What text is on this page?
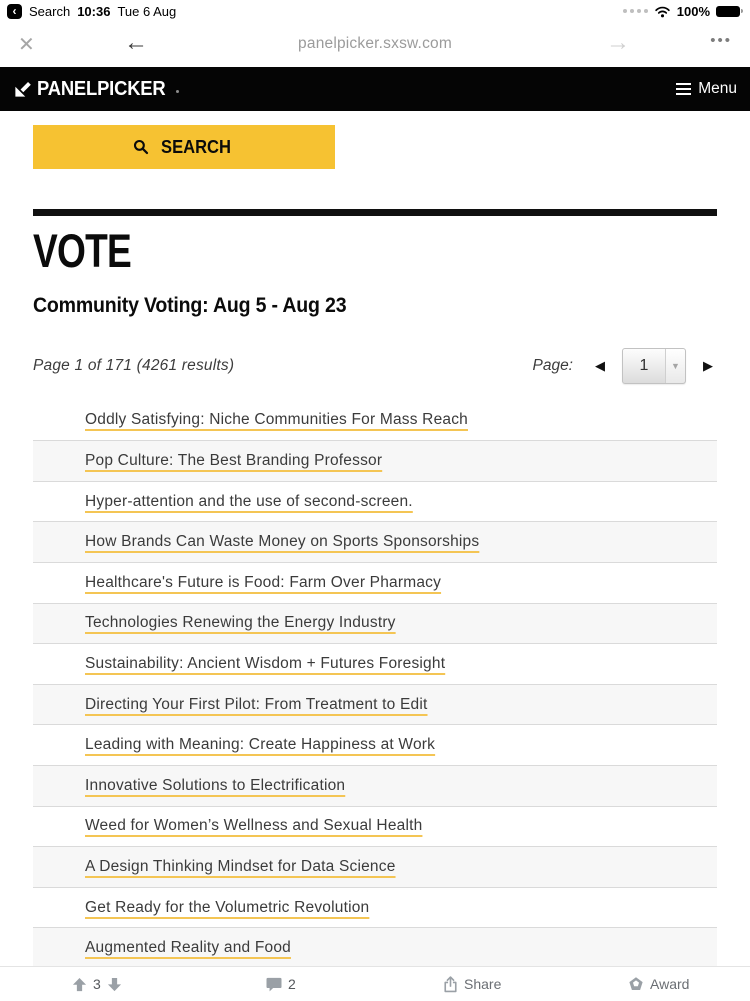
‹ Search 10:36 Tue 6 Aug	100%
✕	←	panelpicker.sxsw.com	→	•••
PANELPICKER	Menu
SEARCH
VOTE
Community Voting: Aug 5 - Aug 23
Page 1 of 171 (4261 results)	Page:	◀	1	▼	▶
Oddly Satisfying: Niche Communities For Mass Reach
Pop Culture: The Best Branding Professor
Hyper-attention and the use of second-screen.
How Brands Can Waste Money on Sports Sponsorships
Healthcare's Future is Food: Farm Over Pharmacy
Technologies Renewing the Energy Industry
Sustainability: Ancient Wisdom + Futures Foresight
Directing Your First Pilot: From Treatment to Edit
Leading with Meaning: Create Happiness at Work
Innovative Solutions to Electrification
Weed for Women’s Wellness and Sexual Health
A Design Thinking Mindset for Data Science
Get Ready for the Volumetric Revolution
Augmented Reality and Food
3	2	Share	Award
